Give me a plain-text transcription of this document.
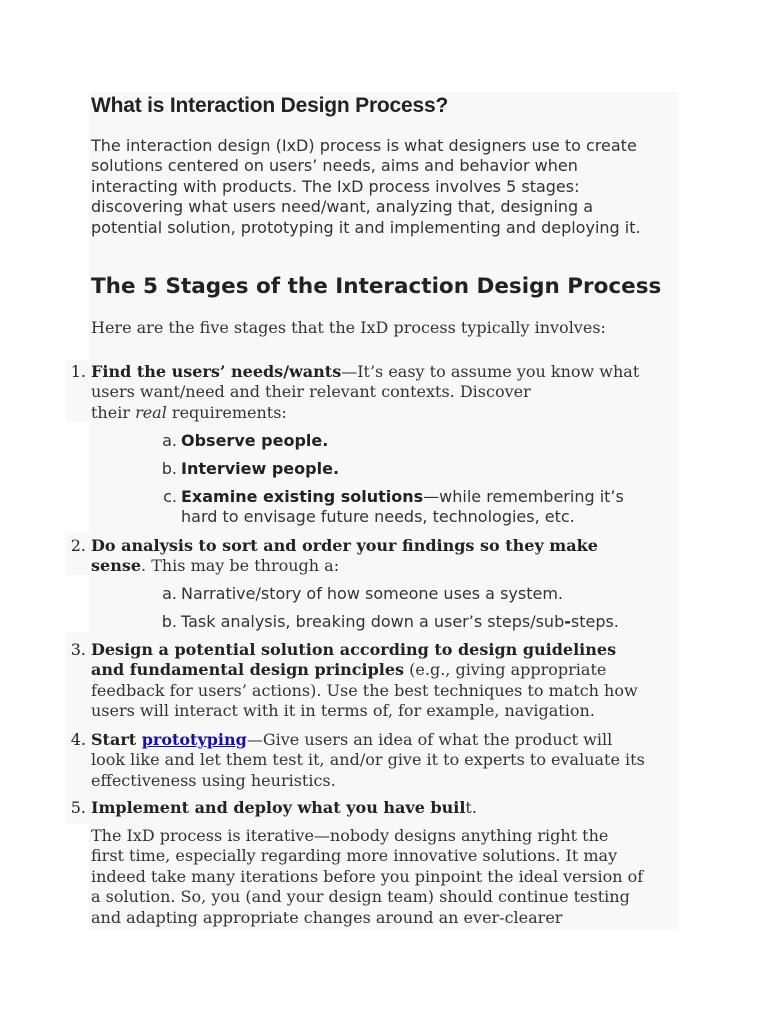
What is Interaction Design Process?

The interaction design (IxD) process is what designers use to create
solutions centered on users’ needs, aims and behavior when
interacting with products. The IxD process involves 5 stages:
discovering what users need/want, analyzing that, designing a
potential solution, prototyping it and implementing and deploying it.

The 5 Stages of the Interaction Design Process

Here are the five stages that the IxD process typically involves:

1. Find the users’ needs/wants—It’s easy to assume you know what
users want/need and their relevant contexts. Discover
their real requirements:

a. Observe people.

b. Interview people.

c. Examine existing solutions—while remembering it’s
hard to envisage future needs, technologies, etc.

2. Do analysis to sort and order your findings so they make
sense. This may be through a:

a. Narrative/story of how someone uses a system.

b. Task analysis, breaking down a user’s steps/sub-steps.

3. Design a potential solution according to design guidelines
and fundamental design principles (e.g., giving appropriate
feedback for users’ actions). Use the best techniques to match how
users will interact with it in terms of, for example, navigation.

4. Start prototyping—Give users an idea of what the product will
look like and let them test it, and/or give it to experts to evaluate its
effectiveness using heuristics.

5. Implement and deploy what you have built.

The IxD process is iterative—nobody designs anything right the
first time, especially regarding more innovative solutions. It may
indeed take many iterations before you pinpoint the ideal version of
a solution. So, you (and your design team) should continue testing
and adapting appropriate changes around an ever-clearer
